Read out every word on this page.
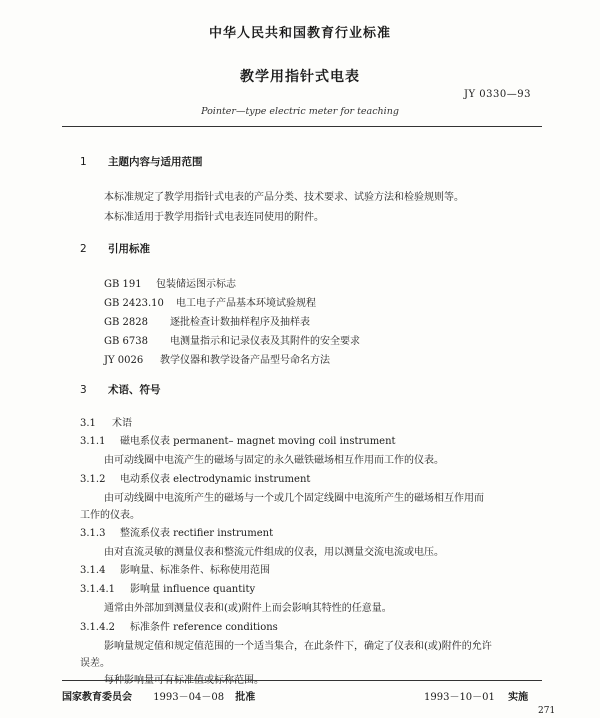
中华人民共和国教育行业标准
教学用指针式电表
JY 0330—93
Pointer—type electric meter for teaching
1 主题内容与适用范围
本标准规定了教学用指针式电表的产品分类、技术要求、试验方法和检验规则等。
本标准适用于教学用指针式电表连同使用的附件。
2 引用标准
GB 191 包装储运图示标志
GB 2423.10 电工电子产品基本环境试验规程
GB 2828 逐批检查计数抽样程序及抽样表
GB 6738 电测量指示和记录仪表及其附件的安全要求
JY 0026 教学仪器和教学设备产品型号命名方法
3 术语、符号
3.1 术语
3.1.1 磁电系仪表 permanent– magnet moving coil instrument
由可动线圈中电流产生的磁场与固定的永久磁铁磁场相互作用而工作的仪表。
3.1.2 电动系仪表 electrodynamic instrument
由可动线圈中电流所产生的磁场与一个或几个固定线圈中电流所产生的磁场相互作用而
工作的仪表。
3.1.3 整流系仪表 rectifier instrument
由对直流灵敏的测量仪表和整流元件组成的仪表，用以测量交流电流或电压。
3.1.4 影响量、标准条件、标称使用范围
3.1.4.1 影响量 influence quantity
通常由外部加到测量仪表和(或)附件上而会影响其特性的任意量。
3.1.4.2 标准条件 reference conditions
影响量规定值和规定值范围的一个适当集合，在此条件下，确定了仪表和(或)附件的允许
误差。
每种影响量可有标准值或标称范围。
国家教育委员会 1993－04－08 批准	1993－10－01 实施
271
